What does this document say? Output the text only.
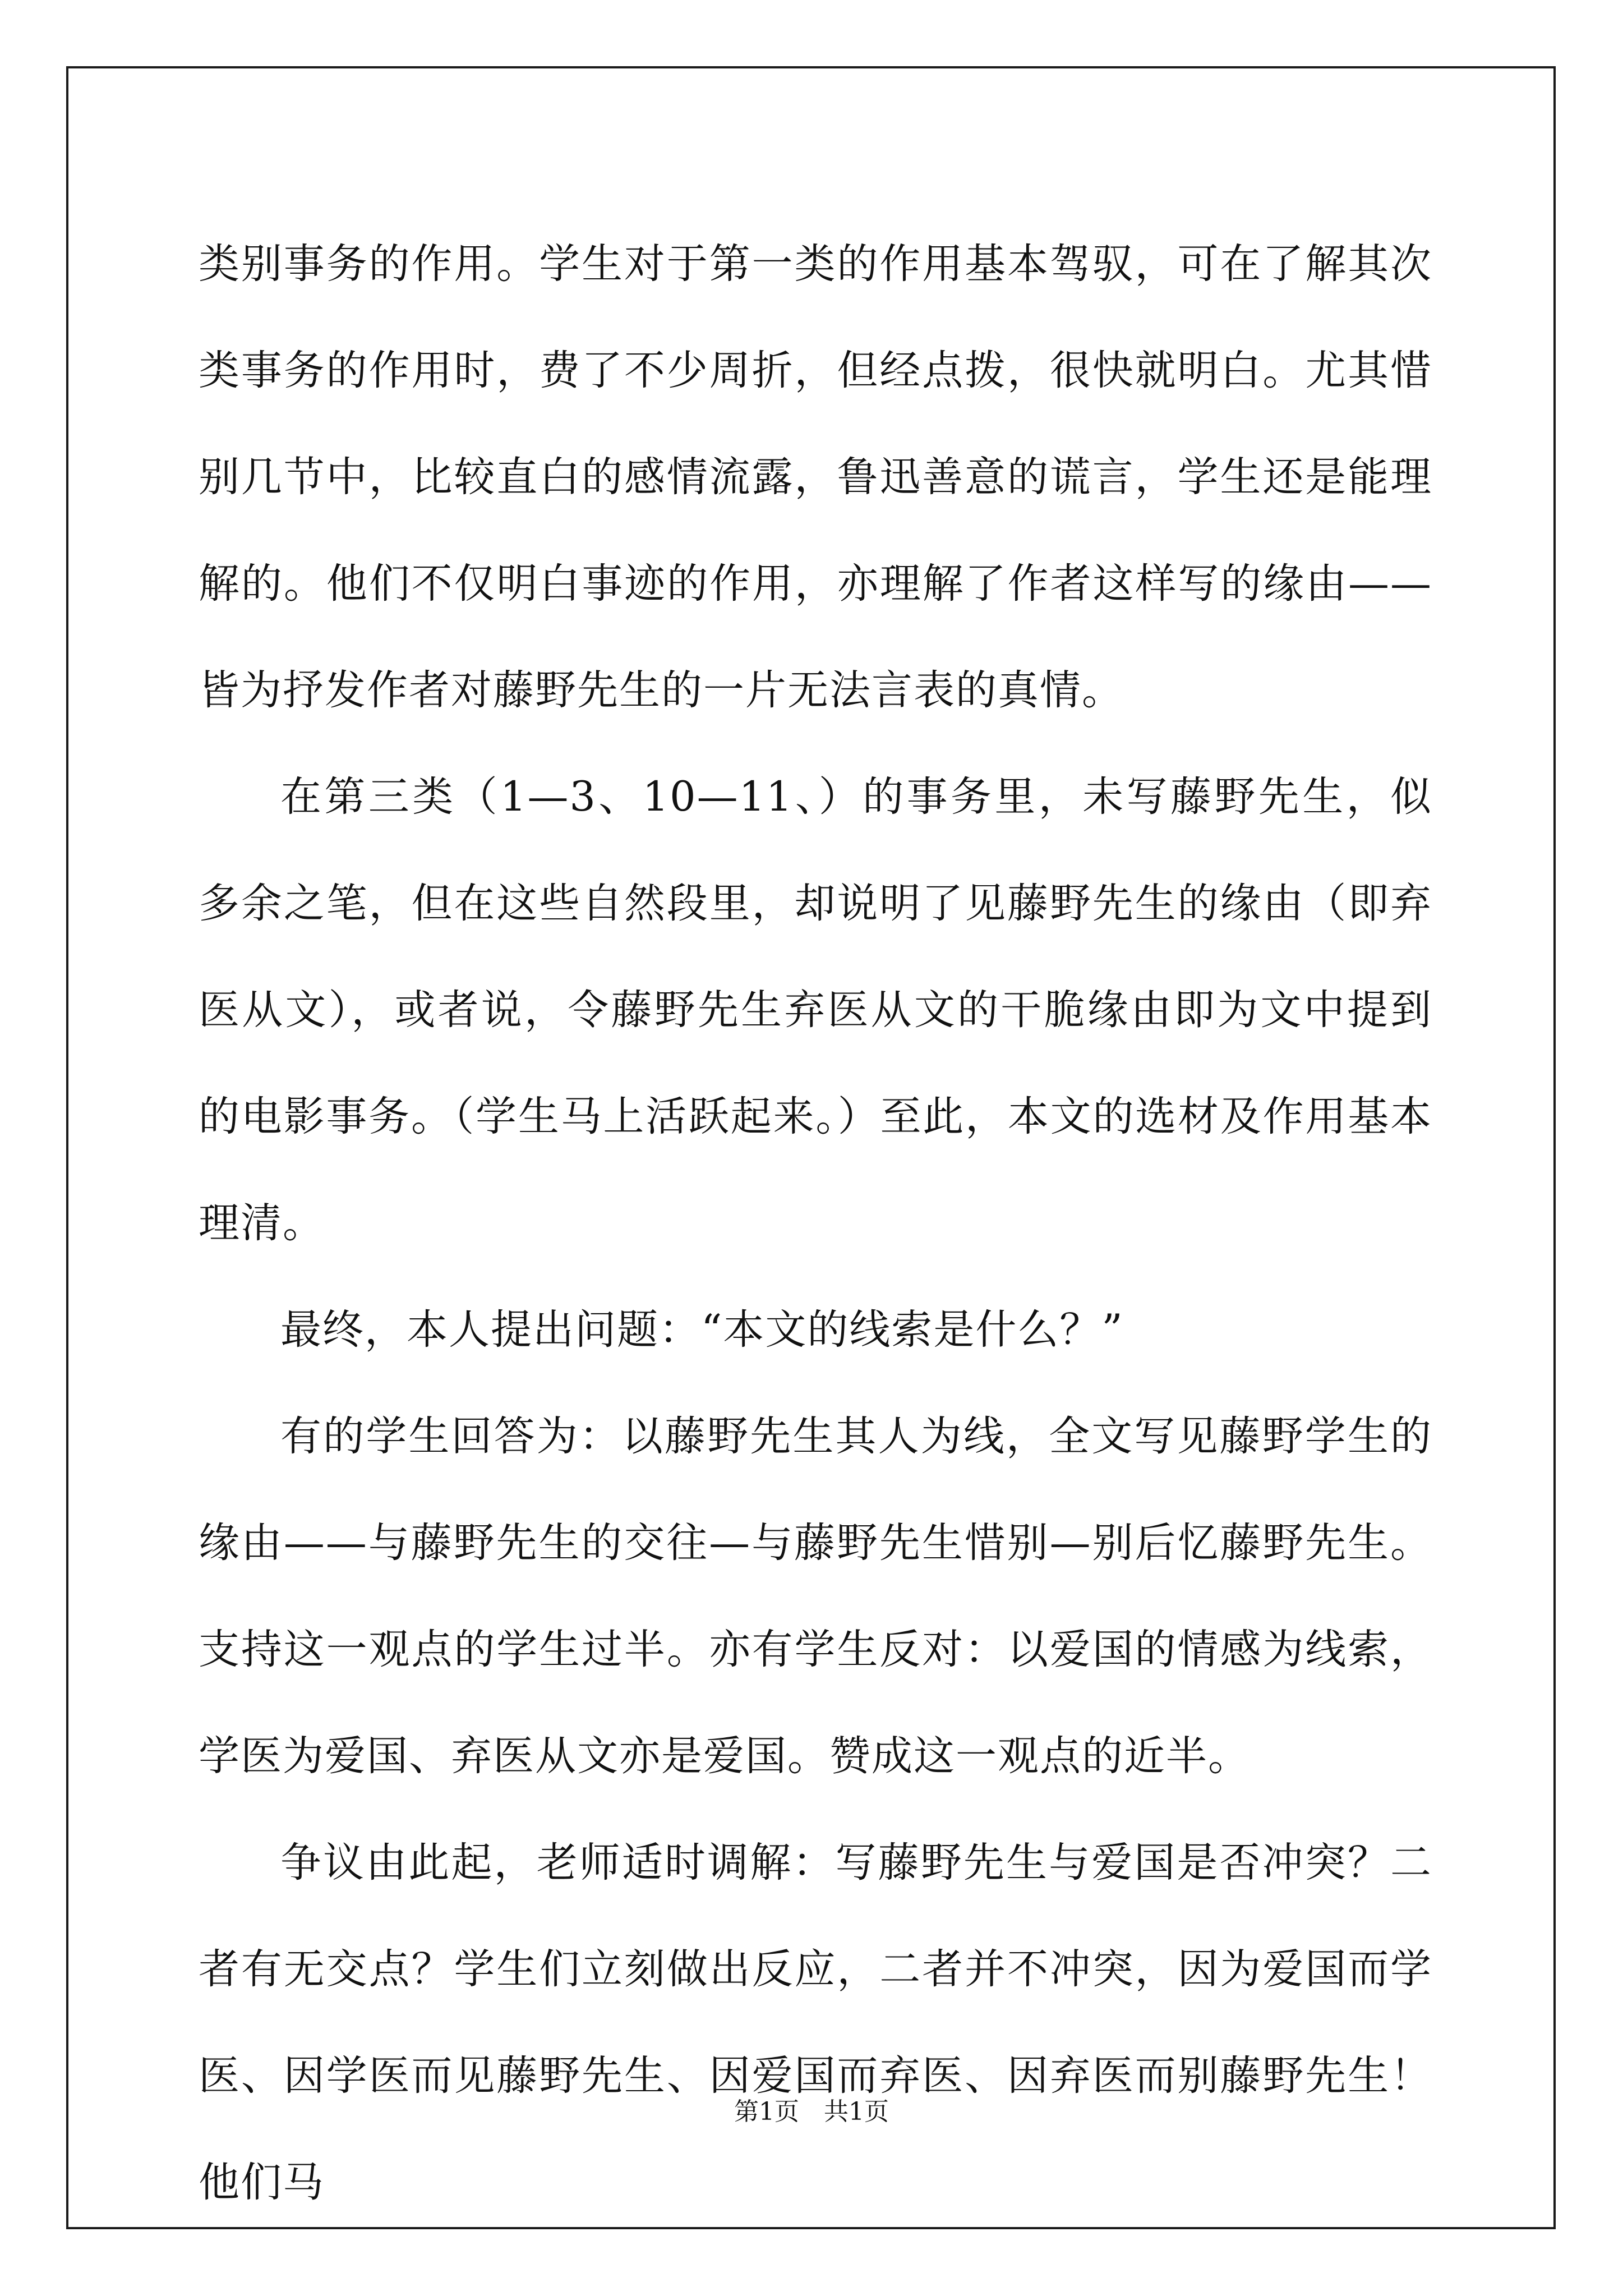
类别事务的作用。学生对于第一类的作用基本驾驭，可在了解其次类事务的作用时，费了不少周折，但经点拨，很快就明白。尤其惜别几节中，比较直白的感情流露，鲁迅善意的谎言，学生还是能理解的。他们不仅明白事迹的作用，亦理解了作者这样写的缘由——皆为抒发作者对藤野先生的一片无法言表的真情。

在第三类（1—3、10—11、）的事务里，未写藤野先生，似多余之笔，但在这些自然段里，却说明了见藤野先生的缘由（即弃医从文），或者说，令藤野先生弃医从文的干脆缘由即为文中提到的电影事务。（学生马上活跃起来。）至此，本文的选材及作用基本理清。

最终，本人提出问题：“本文的线索是什么？”

有的学生回答为：以藤野先生其人为线，全文写见藤野学生的缘由——与藤野先生的交往—与藤野先生惜别—别后忆藤野先生。支持这一观点的学生过半。亦有学生反对：以爱国的情感为线索，学医为爱国、弃医从文亦是爱国。赞成这一观点的近半。

争议由此起，老师适时调解：写藤野先生与爱国是否冲突？二者有无交点？学生们立刻做出反应，二者并不冲突，因为爱国而学医、因学医而见藤野先生、因爱国而弃医、因弃医而别藤野先生！他们马

第1页　共1页
